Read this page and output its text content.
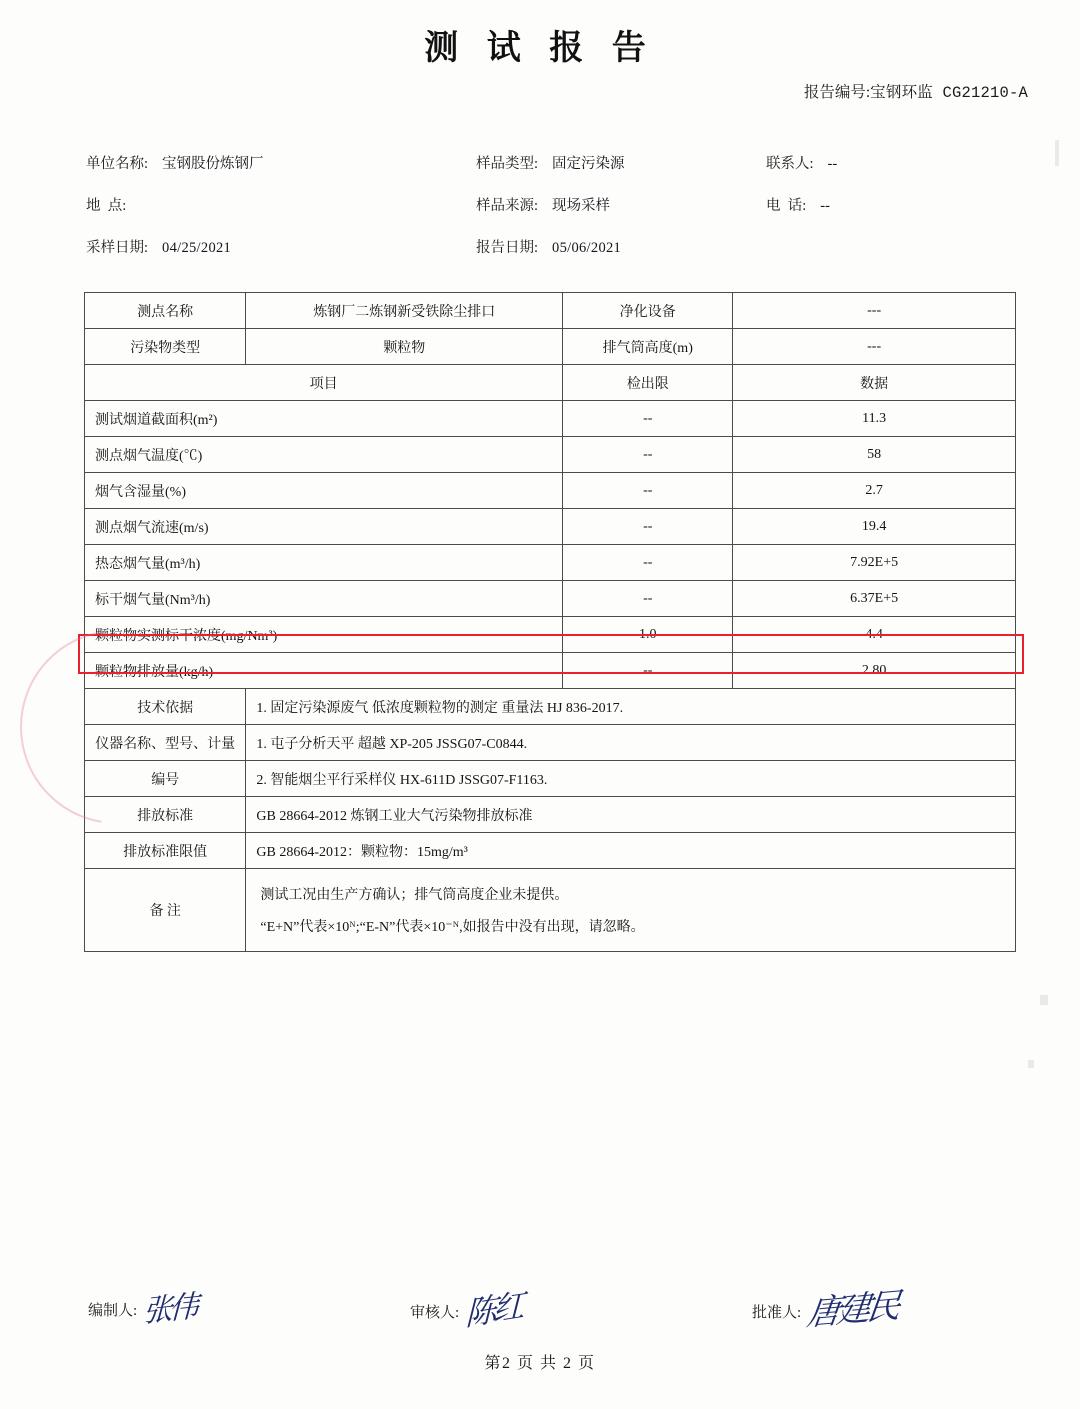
测 试 报 告
报告编号:宝钢环监 CG21210-A
单位名称: 宝钢股份炼钢厂	样品类型: 固定污染源	联系人: --
地  点:	样品来源: 现场采样	电  话: --
采样日期: 04/25/2021	报告日期: 05/06/2021
测点名称	炼钢厂二炼钢新受铁除尘排口	净化设备	---
污染物类型	颗粒物	排气筒高度(m)	---
项目		检出限	数据
测试烟道截面积(m²)		--	11.3
测点烟气温度(℃)		--	58
烟气含湿量(%)		--	2.7
测点烟气流速(m/s)		--	19.4
热态烟气量(m³/h)		--	7.92E+5
标干烟气量(Nm³/h)		--	6.37E+5
颗粒物实测标干浓度(mg/Nm³)		1.0	4.4
颗粒物排放量(kg/h)		--	2.80
技术依据	1. 固定污染源废气 低浓度颗粒物的测定 重量法 HJ 836-2017.		
仪器名称、型号、计量	1. 屯子分析天平 超越 XP-205 JSSG07-C0844.		
编号	2. 智能烟尘平行采样仪 HX-611D JSSG07-F1163.		
排放标准	GB 28664-2012 炼钢工业大气污染物排放标准		
排放标准限值	GB 28664-2012：颗粒物：15mg/m³		
备 注	测试工况由生产方确认；排气筒高度企业未提供。
“E+N”代表×10ᴺ;“E-N”代表×10⁻ᴺ,如报告中没有出现，请忽略。		
编制人: 张伟	审核人: 陈红	批准人: 唐建民
第2 页 共 2 页
